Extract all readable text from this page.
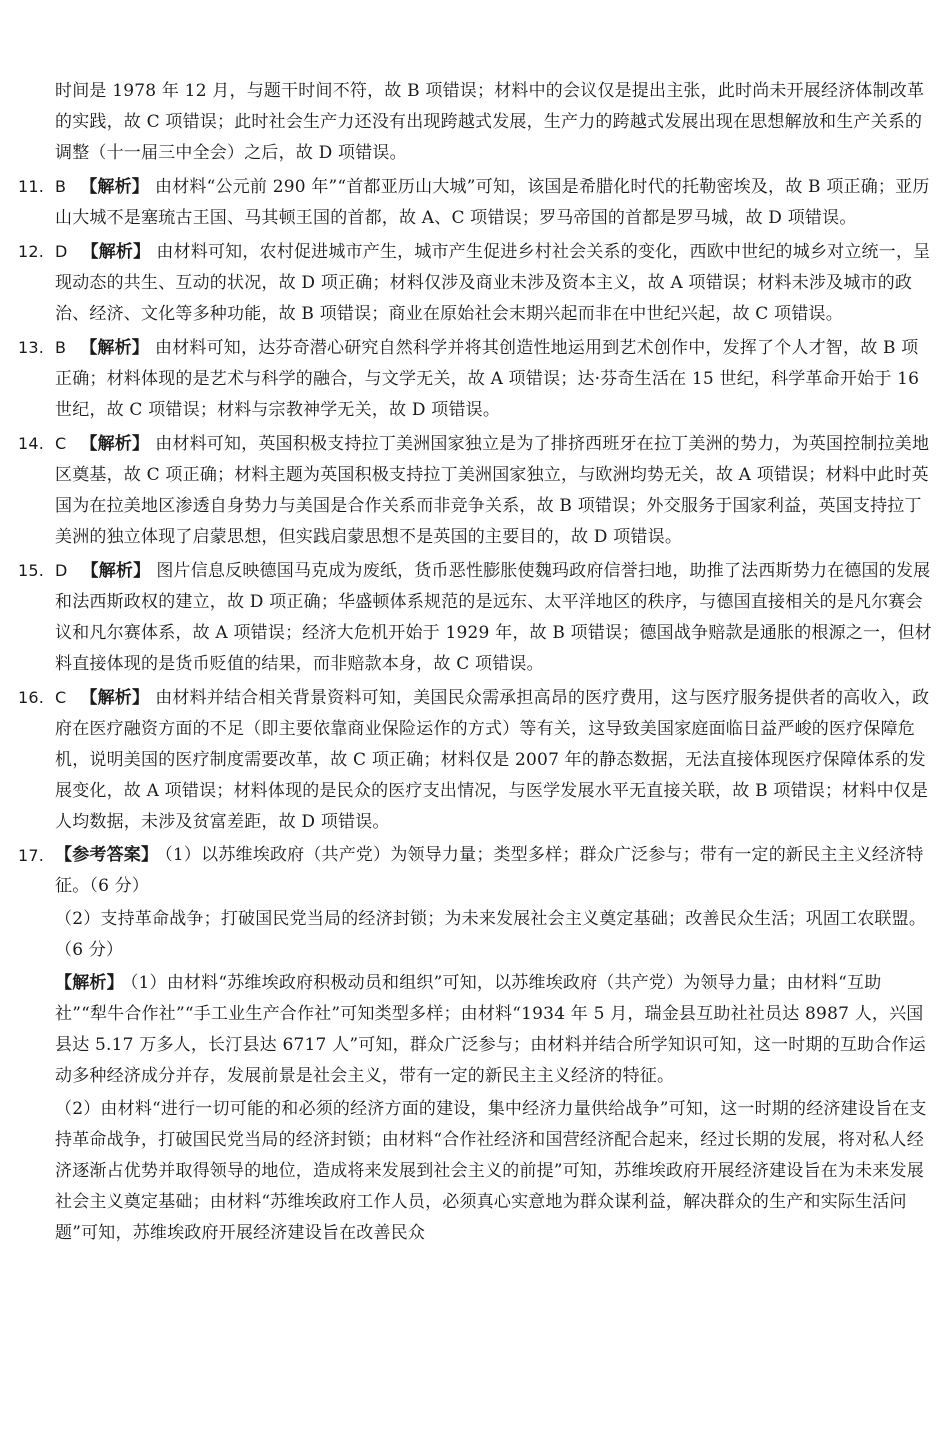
时间是 1978 年 12 月，与题干时间不符，故 B 项错误；材料中的会议仅是提出主张，此时尚未开展经济体制改革的实践，故 C 项错误；此时社会生产力还没有出现跨越式发展，生产力的跨越式发展出现在思想解放和生产关系的调整（十一届三中全会）之后，故 D 项错误。
11. B 【解析】 由材料“公元前 290 年”“首都亚历山大城”可知，该国是希腊化时代的托勒密埃及，故 B 项正确；亚历山大城不是塞琉古王国、马其顿王国的首都，故 A、C 项错误；罗马帝国的首都是罗马城，故 D 项错误。
12. D 【解析】 由材料可知，农村促进城市产生，城市产生促进乡村社会关系的变化，西欧中世纪的城乡对立统一，呈现动态的共生、互动的状况，故 D 项正确；材料仅涉及商业未涉及资本主义，故 A 项错误；材料未涉及城市的政治、经济、文化等多种功能，故 B 项错误；商业在原始社会末期兴起而非在中世纪兴起，故 C 项错误。
13. B 【解析】 由材料可知，达芬奇潜心研究自然科学并将其创造性地运用到艺术创作中，发挥了个人才智，故 B 项正确；材料体现的是艺术与科学的融合，与文学无关，故 A 项错误；达·芬奇生活在 15 世纪，科学革命开始于 16 世纪，故 C 项错误；材料与宗教神学无关，故 D 项错误。
14. C 【解析】 由材料可知，英国积极支持拉丁美洲国家独立是为了排挤西班牙在拉丁美洲的势力，为英国控制拉美地区奠基，故 C 项正确；材料主题为英国积极支持拉丁美洲国家独立，与欧洲均势无关，故 A 项错误；材料中此时英国为在拉美地区渗透自身势力与美国是合作关系而非竞争关系，故 B 项错误；外交服务于国家利益，英国支持拉丁美洲的独立体现了启蒙思想，但实践启蒙思想不是英国的主要目的，故 D 项错误。
15. D 【解析】 图片信息反映德国马克成为废纸，货币恶性膨胀使魏玛政府信誉扫地，助推了法西斯势力在德国的发展和法西斯政权的建立，故 D 项正确；华盛顿体系规范的是远东、太平洋地区的秩序，与德国直接相关的是凡尔赛会议和凡尔赛体系，故 A 项错误；经济大危机开始于 1929 年，故 B 项错误；德国战争赔款是通胀的根源之一，但材料直接体现的是货币贬值的结果，而非赔款本身，故 C 项错误。
16. C 【解析】 由材料并结合相关背景资料可知，美国民众需承担高昂的医疗费用，这与医疗服务提供者的高收入，政府在医疗融资方面的不足（即主要依靠商业保险运作的方式）等有关，这导致美国家庭面临日益严峻的医疗保障危机，说明美国的医疗制度需要改革，故 C 项正确；材料仅是 2007 年的静态数据，无法直接体现医疗保障体系的发展变化，故 A 项错误；材料体现的是民众的医疗支出情况，与医学发展水平无直接关联，故 B 项错误；材料中仅是人均数据，未涉及贫富差距，故 D 项错误。
17. 【参考答案】 （1）以苏维埃政府（共产党）为领导力量；类型多样；群众广泛参与；带有一定的新民主主义经济特征。（6 分）
（2）支持革命战争；打破国民党当局的经济封锁；为未来发展社会主义奠定基础；改善民众生活；巩固工农联盟。（6 分）
【解析】 （1）由材料“苏维埃政府积极动员和组织”可知，以苏维埃政府（共产党）为领导力量；由材料“互助社”“犁牛合作社”“手工业生产合作社”可知类型多样；由材料“1934 年 5 月，瑞金县互助社社员达 8987 人，兴国县达 5.17 万多人，长汀县达 6717 人”可知，群众广泛参与；由材料并结合所学知识可知，这一时期的互助合作运动多种经济成分并存，发展前景是社会主义，带有一定的新民主主义经济的特征。
（2）由材料“进行一切可能的和必须的经济方面的建设，集中经济力量供给战争”可知，这一时期的经济建设旨在支持革命战争，打破国民党当局的经济封锁；由材料“合作社经济和国营经济配合起来，经过长期的发展，将对私人经济逐渐占优势并取得领导的地位，造成将来发展到社会主义的前提”可知，苏维埃政府开展经济建设旨在为未来发展社会主义奠定基础；由材料“苏维埃政府工作人员，必须真心实意地为群众谋利益，解决群众的生产和实际生活问题”可知，苏维埃政府开展经济建设旨在改善民众
